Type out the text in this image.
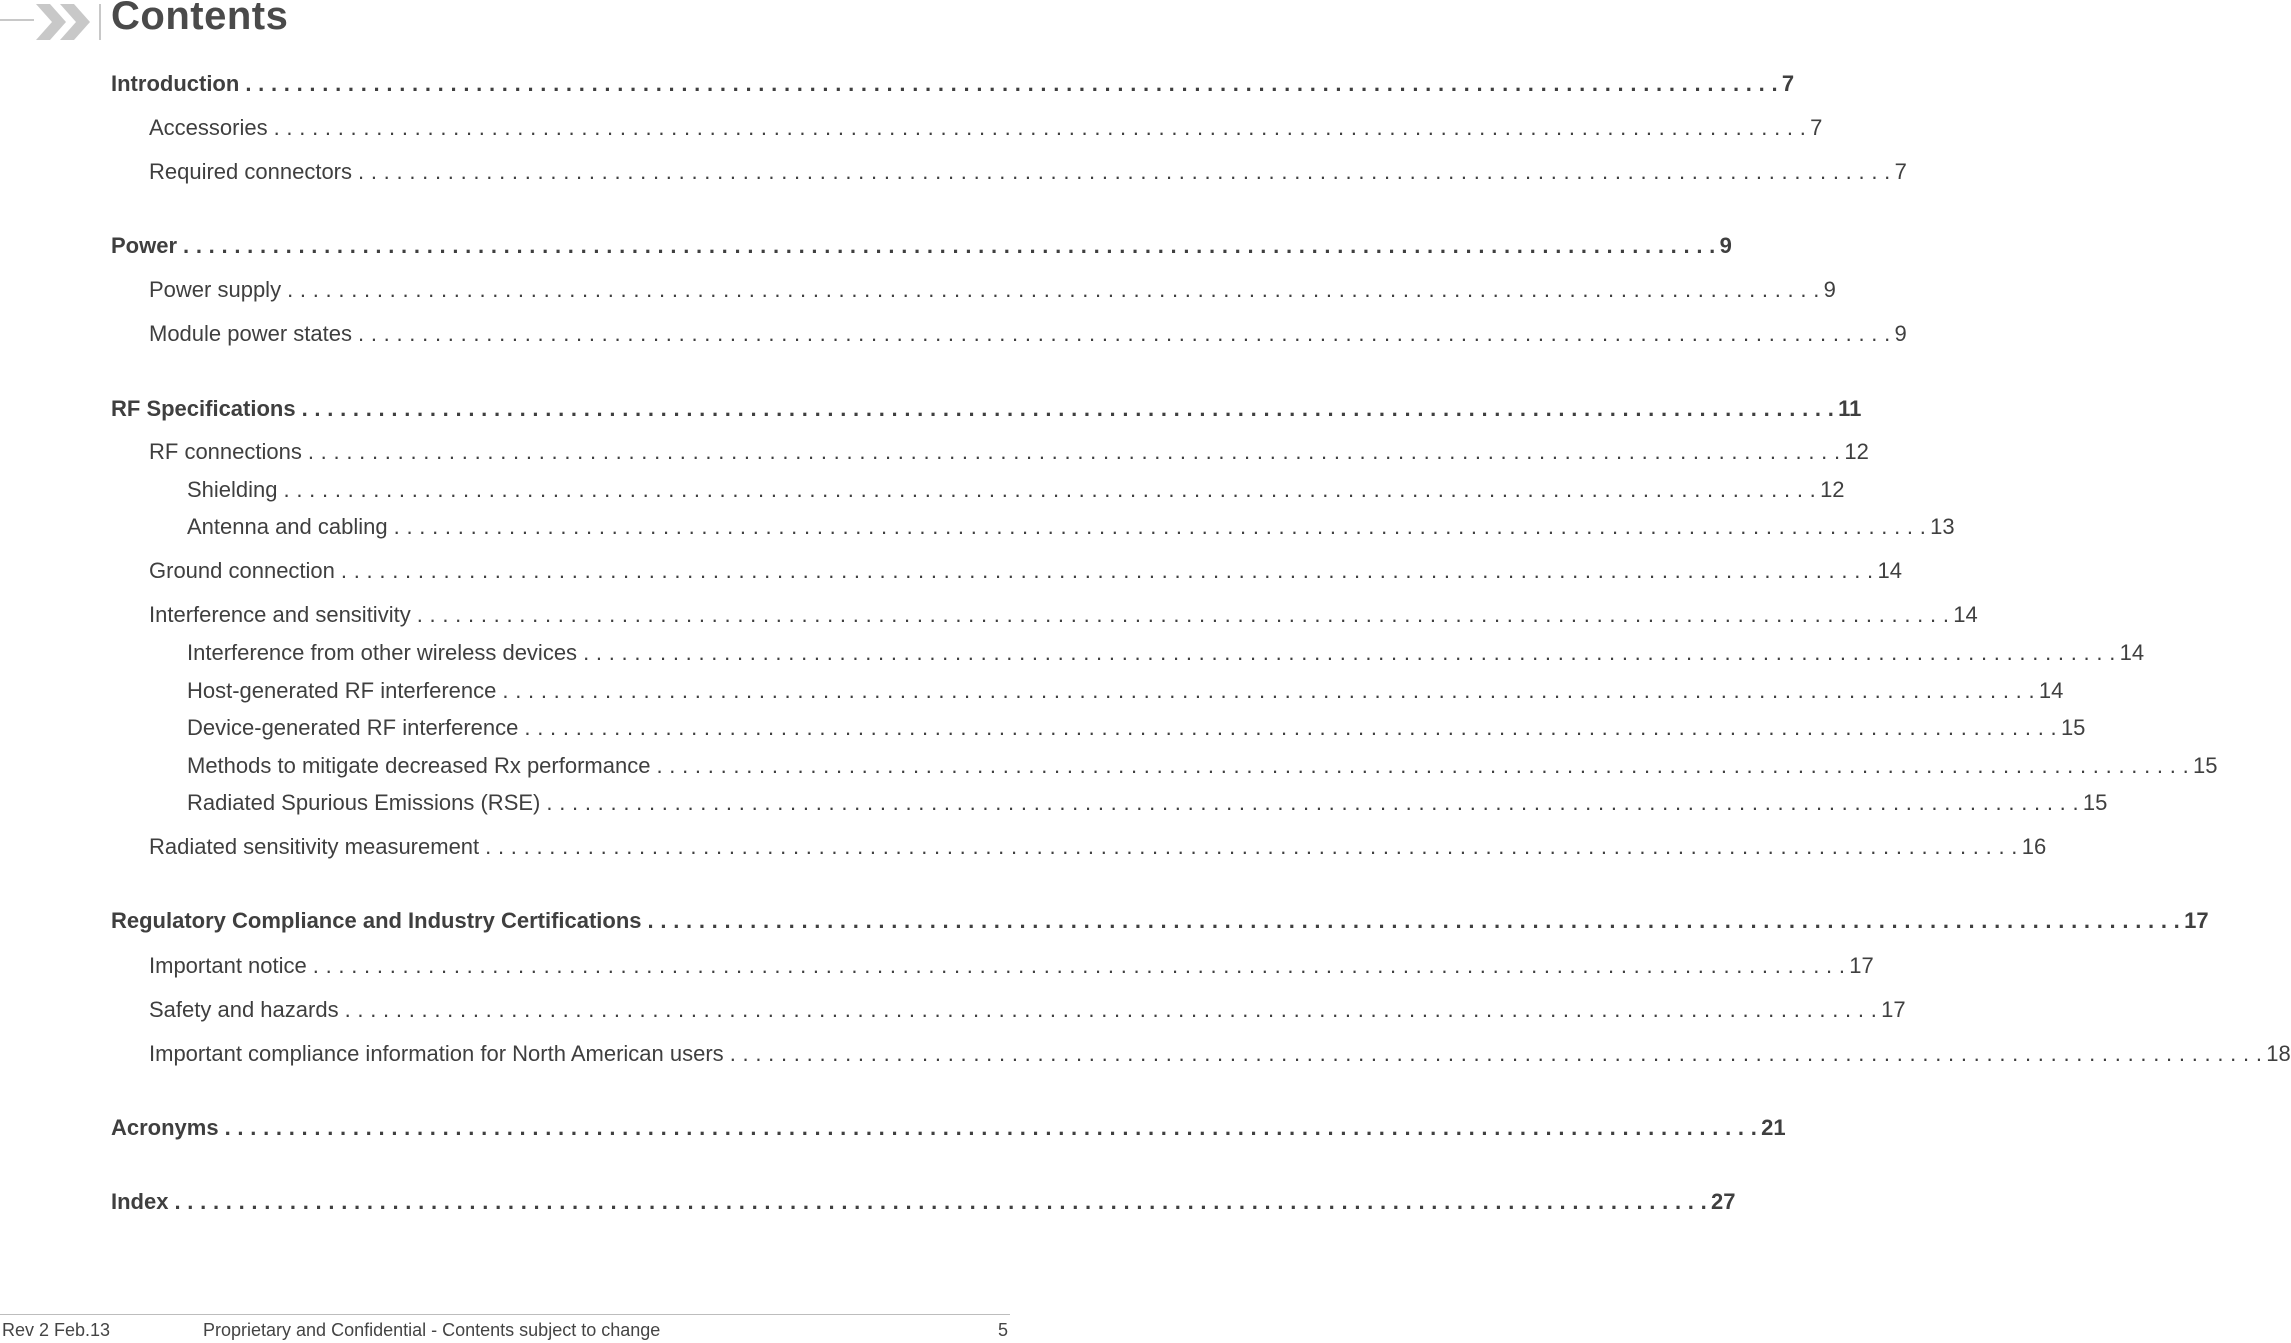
Contents
Introduction . . . . . . . . . . . . . . . . . . . . . . . . . . . . . . . . . . . . . . . . . . . . . . . . . . . . . . . . . . . . . . . . . . . . . . . . . . . . . . . . . . . . . . . . . . . . . . . . . . . . . . . . . . . . . . . . . . . . . . . . 7
Accessories . . . . . . . . . . . . . . . . . . . . . . . . . . . . . . . . . . . . . . . . . . . . . . . . . . . . . . . . . . . . . . . . . . . . . . . . . . . . . . . . . . . . . . . . . . . . . . . . . . . . . . . . . . . . . . . . . . . . . . . . 7
Required connectors . . . . . . . . . . . . . . . . . . . . . . . . . . . . . . . . . . . . . . . . . . . . . . . . . . . . . . . . . . . . . . . . . . . . . . . . . . . . . . . . . . . . . . . . . . . . . . . . . . . . . . . . . . . . . . . . . . . . . . . . 7
Power . . . . . . . . . . . . . . . . . . . . . . . . . . . . . . . . . . . . . . . . . . . . . . . . . . . . . . . . . . . . . . . . . . . . . . . . . . . . . . . . . . . . . . . . . . . . . . . . . . . . . . . . . . . . . . . . . . . . . . . . 9
Power supply . . . . . . . . . . . . . . . . . . . . . . . . . . . . . . . . . . . . . . . . . . . . . . . . . . . . . . . . . . . . . . . . . . . . . . . . . . . . . . . . . . . . . . . . . . . . . . . . . . . . . . . . . . . . . . . . . . . . . . . . 9
Module power states . . . . . . . . . . . . . . . . . . . . . . . . . . . . . . . . . . . . . . . . . . . . . . . . . . . . . . . . . . . . . . . . . . . . . . . . . . . . . . . . . . . . . . . . . . . . . . . . . . . . . . . . . . . . . . . . . . . . . . . . 9
RF Specifications . . . . . . . . . . . . . . . . . . . . . . . . . . . . . . . . . . . . . . . . . . . . . . . . . . . . . . . . . . . . . . . . . . . . . . . . . . . . . . . . . . . . . . . . . . . . . . . . . . . . . . . . . . . . . . . . . . . . . . . . 11
RF connections . . . . . . . . . . . . . . . . . . . . . . . . . . . . . . . . . . . . . . . . . . . . . . . . . . . . . . . . . . . . . . . . . . . . . . . . . . . . . . . . . . . . . . . . . . . . . . . . . . . . . . . . . . . . . . . . . . . . . . . . 12
Shielding . . . . . . . . . . . . . . . . . . . . . . . . . . . . . . . . . . . . . . . . . . . . . . . . . . . . . . . . . . . . . . . . . . . . . . . . . . . . . . . . . . . . . . . . . . . . . . . . . . . . . . . . . . . . . . . . . . . . . . . . 12
Antenna and cabling . . . . . . . . . . . . . . . . . . . . . . . . . . . . . . . . . . . . . . . . . . . . . . . . . . . . . . . . . . . . . . . . . . . . . . . . . . . . . . . . . . . . . . . . . . . . . . . . . . . . . . . . . . . . . . . . . . . . . . . . 13
Ground connection . . . . . . . . . . . . . . . . . . . . . . . . . . . . . . . . . . . . . . . . . . . . . . . . . . . . . . . . . . . . . . . . . . . . . . . . . . . . . . . . . . . . . . . . . . . . . . . . . . . . . . . . . . . . . . . . . . . . . . . . 14
Interference and sensitivity . . . . . . . . . . . . . . . . . . . . . . . . . . . . . . . . . . . . . . . . . . . . . . . . . . . . . . . . . . . . . . . . . . . . . . . . . . . . . . . . . . . . . . . . . . . . . . . . . . . . . . . . . . . . . . . . . . . . . . . . 14
Interference from other wireless devices . . . . . . . . . . . . . . . . . . . . . . . . . . . . . . . . . . . . . . . . . . . . . . . . . . . . . . . . . . . . . . . . . . . . . . . . . . . . . . . . . . . . . . . . . . . . . . . . . . . . . . . . . . . . . . . . . . . . . . . . 14
Host-generated RF interference . . . . . . . . . . . . . . . . . . . . . . . . . . . . . . . . . . . . . . . . . . . . . . . . . . . . . . . . . . . . . . . . . . . . . . . . . . . . . . . . . . . . . . . . . . . . . . . . . . . . . . . . . . . . . . . . . . . . . . . . 14
Device-generated RF interference . . . . . . . . . . . . . . . . . . . . . . . . . . . . . . . . . . . . . . . . . . . . . . . . . . . . . . . . . . . . . . . . . . . . . . . . . . . . . . . . . . . . . . . . . . . . . . . . . . . . . . . . . . . . . . . . . . . . . . . . 15
Methods to mitigate decreased Rx performance . . . . . . . . . . . . . . . . . . . . . . . . . . . . . . . . . . . . . . . . . . . . . . . . . . . . . . . . . . . . . . . . . . . . . . . . . . . . . . . . . . . . . . . . . . . . . . . . . . . . . . . . . . . . . . . . . . . . . . . . 15
Radiated Spurious Emissions (RSE) . . . . . . . . . . . . . . . . . . . . . . . . . . . . . . . . . . . . . . . . . . . . . . . . . . . . . . . . . . . . . . . . . . . . . . . . . . . . . . . . . . . . . . . . . . . . . . . . . . . . . . . . . . . . . . . . . . . . . . . . 15
Radiated sensitivity measurement . . . . . . . . . . . . . . . . . . . . . . . . . . . . . . . . . . . . . . . . . . . . . . . . . . . . . . . . . . . . . . . . . . . . . . . . . . . . . . . . . . . . . . . . . . . . . . . . . . . . . . . . . . . . . . . . . . . . . . . . 16
Regulatory Compliance and Industry Certifications . . . . . . . . . . . . . . . . . . . . . . . . . . . . . . . . . . . . . . . . . . . . . . . . . . . . . . . . . . . . . . . . . . . . . . . . . . . . . . . . . . . . . . . . . . . . . . . . . . . . . . . . . . . . . . . . . . . . . . . . 17
Important notice . . . . . . . . . . . . . . . . . . . . . . . . . . . . . . . . . . . . . . . . . . . . . . . . . . . . . . . . . . . . . . . . . . . . . . . . . . . . . . . . . . . . . . . . . . . . . . . . . . . . . . . . . . . . . . . . . . . . . . . . 17
Safety and hazards . . . . . . . . . . . . . . . . . . . . . . . . . . . . . . . . . . . . . . . . . . . . . . . . . . . . . . . . . . . . . . . . . . . . . . . . . . . . . . . . . . . . . . . . . . . . . . . . . . . . . . . . . . . . . . . . . . . . . . . . 17
Important compliance information for North American users . . . . . . . . . . . . . . . . . . . . . . . . . . . . . . . . . . . . . . . . . . . . . . . . . . . . . . . . . . . . . . . . . . . . . . . . . . . . . . . . . . . . . . . . . . . . . . . . . . . . . . . . . . . . . . . . . . . . . . . . 18
Acronyms . . . . . . . . . . . . . . . . . . . . . . . . . . . . . . . . . . . . . . . . . . . . . . . . . . . . . . . . . . . . . . . . . . . . . . . . . . . . . . . . . . . . . . . . . . . . . . . . . . . . . . . . . . . . . . . . . . . . . . . . 21
Index . . . . . . . . . . . . . . . . . . . . . . . . . . . . . . . . . . . . . . . . . . . . . . . . . . . . . . . . . . . . . . . . . . . . . . . . . . . . . . . . . . . . . . . . . . . . . . . . . . . . . . . . . . . . . . . . . . . . . . . . 27
Rev 2 Feb.13	Proprietary and Confidential - Contents subject to change	5
